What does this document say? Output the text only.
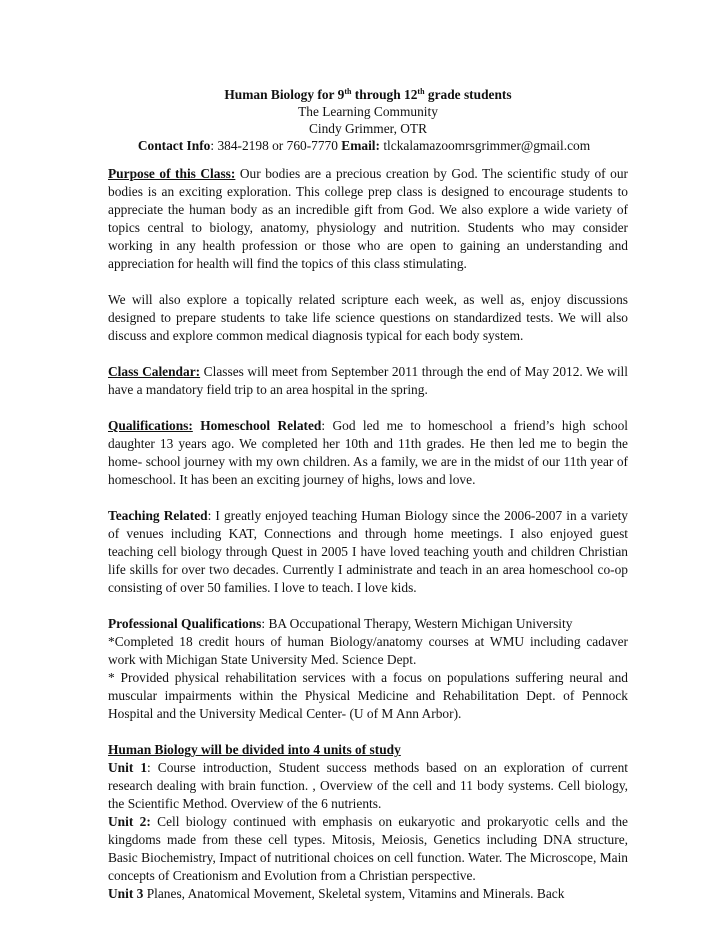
Human Biology for 9th through 12th grade students
The Learning Community
Cindy Grimmer, OTR
Contact Info: 384-2198 or 760-7770 Email: tlckalamazoomrsgrimmer@gmail.com

Purpose of this Class: Our bodies are a precious creation by God. The scientific study of our bodies is an exciting exploration. This college prep class is designed to encourage students to appreciate the human body as an incredible gift from God. We also explore a wide variety of topics central to biology, anatomy, physiology and nutrition. Students who may consider working in any health profession or those who are open to gaining an understanding and appreciation for health will find the topics of this class stimulating.

We will also explore a topically related scripture each week, as well as, enjoy discussions designed to prepare students to take life science questions on standardized tests. We will also discuss and explore common medical diagnosis typical for each body system.

Class Calendar: Classes will meet from September 2011 through the end of May 2012. We will have a mandatory field trip to an area hospital in the spring.

Qualifications: Homeschool Related: God led me to homeschool a friend’s high school daughter 13 years ago. We completed her 10th and 11th grades. He then led me to begin the home- school journey with my own children. As a family, we are in the midst of our 11th year of homeschool. It has been an exciting journey of highs, lows and love.

Teaching Related: I greatly enjoyed teaching Human Biology since the 2006-2007 in a variety of venues including KAT, Connections and through home meetings. I also enjoyed guest teaching cell biology through Quest in 2005 I have loved teaching youth and children Christian life skills for over two decades. Currently I administrate and teach in an area homeschool co-op consisting of over 50 families. I love to teach. I love kids.

Professional Qualifications: BA Occupational Therapy, Western Michigan University

*Completed 18 credit hours of human Biology/anatomy courses at WMU including cadaver work with Michigan State University Med. Science Dept.

* Provided physical rehabilitation services with a focus on populations suffering neural and muscular impairments within the Physical Medicine and Rehabilitation Dept. of Pennock Hospital and the University Medical Center- (U of M Ann Arbor).

Human Biology will be divided into 4 units of study

Unit 1: Course introduction, Student success methods based on an exploration of current research dealing with brain function. , Overview of the cell and 11 body systems. Cell biology, the Scientific Method. Overview of the 6 nutrients.

Unit 2: Cell biology continued with emphasis on eukaryotic and prokaryotic cells and the kingdoms made from these cell types. Mitosis, Meiosis, Genetics including DNA structure, Basic Biochemistry, Impact of nutritional choices on cell function. Water. The Microscope, Main concepts of Creationism and Evolution from a Christian perspective.

Unit 3 Planes, Anatomical Movement, Skeletal system, Vitamins and Minerals. Back
